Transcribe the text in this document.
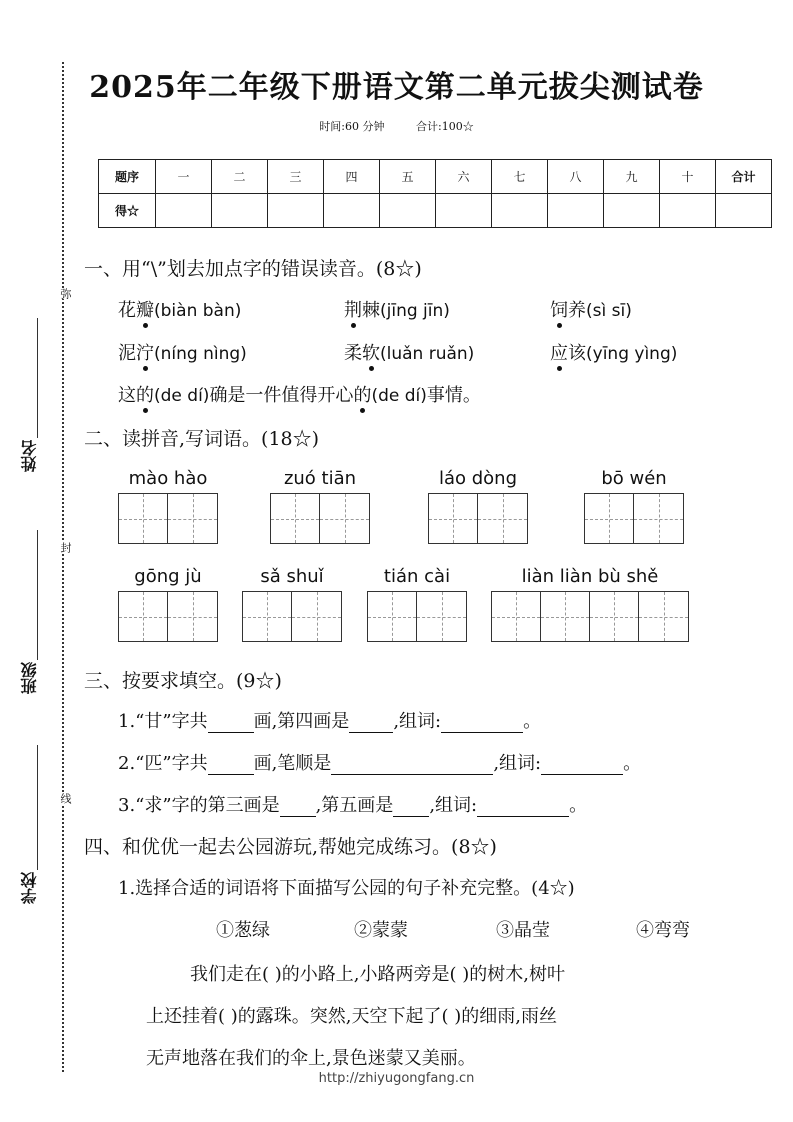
弥
封
线
姓名
班级
学校
2025年二年级下册语文第二单元拔尖测试卷
时间:60 分钟	合计:100☆
题序	一	二	三	四	五	六	七	八	九	十	合计
得☆											
一、用“\”划去加点字的错误读音。(8☆)
花瓣(biàn bàn)	荆棘(jīng jīn)	饲养(sì sī)
泥泞(níng nìng)	柔软(luǎn ruǎn)	应该(yīng yìng)
这的(de dí)确是一件值得开心的(de dí)事情。
二、读拼音,写词语。(18☆)
mào hào	zuó tiān	láo dòng	bō wén
gōng jù	sǎ shuǐ	tián cài	liàn liàn bù shě
三、按要求填空。(9☆)
1.“甘”字共	画,第四画是 ,组词:	。
2.“匹”字共	画,笔顺是	,组词:	。
3.“求”字的第三画是 ,第五画是 ,组词:	。
四、和优优一起去公园游玩,帮她完成练习。(8☆)
1.选择合适的词语将下面描写公园的句子补充完整。(4☆)
①葱绿	②蒙蒙	③晶莹	④弯弯
我们走在( )的小路上,小路两旁是( )的树木,树叶
上还挂着( )的露珠。突然,天空下起了( )的细雨,雨丝
无声地落在我们的伞上,景色迷蒙又美丽。
http://zhiyugongfang.cn
